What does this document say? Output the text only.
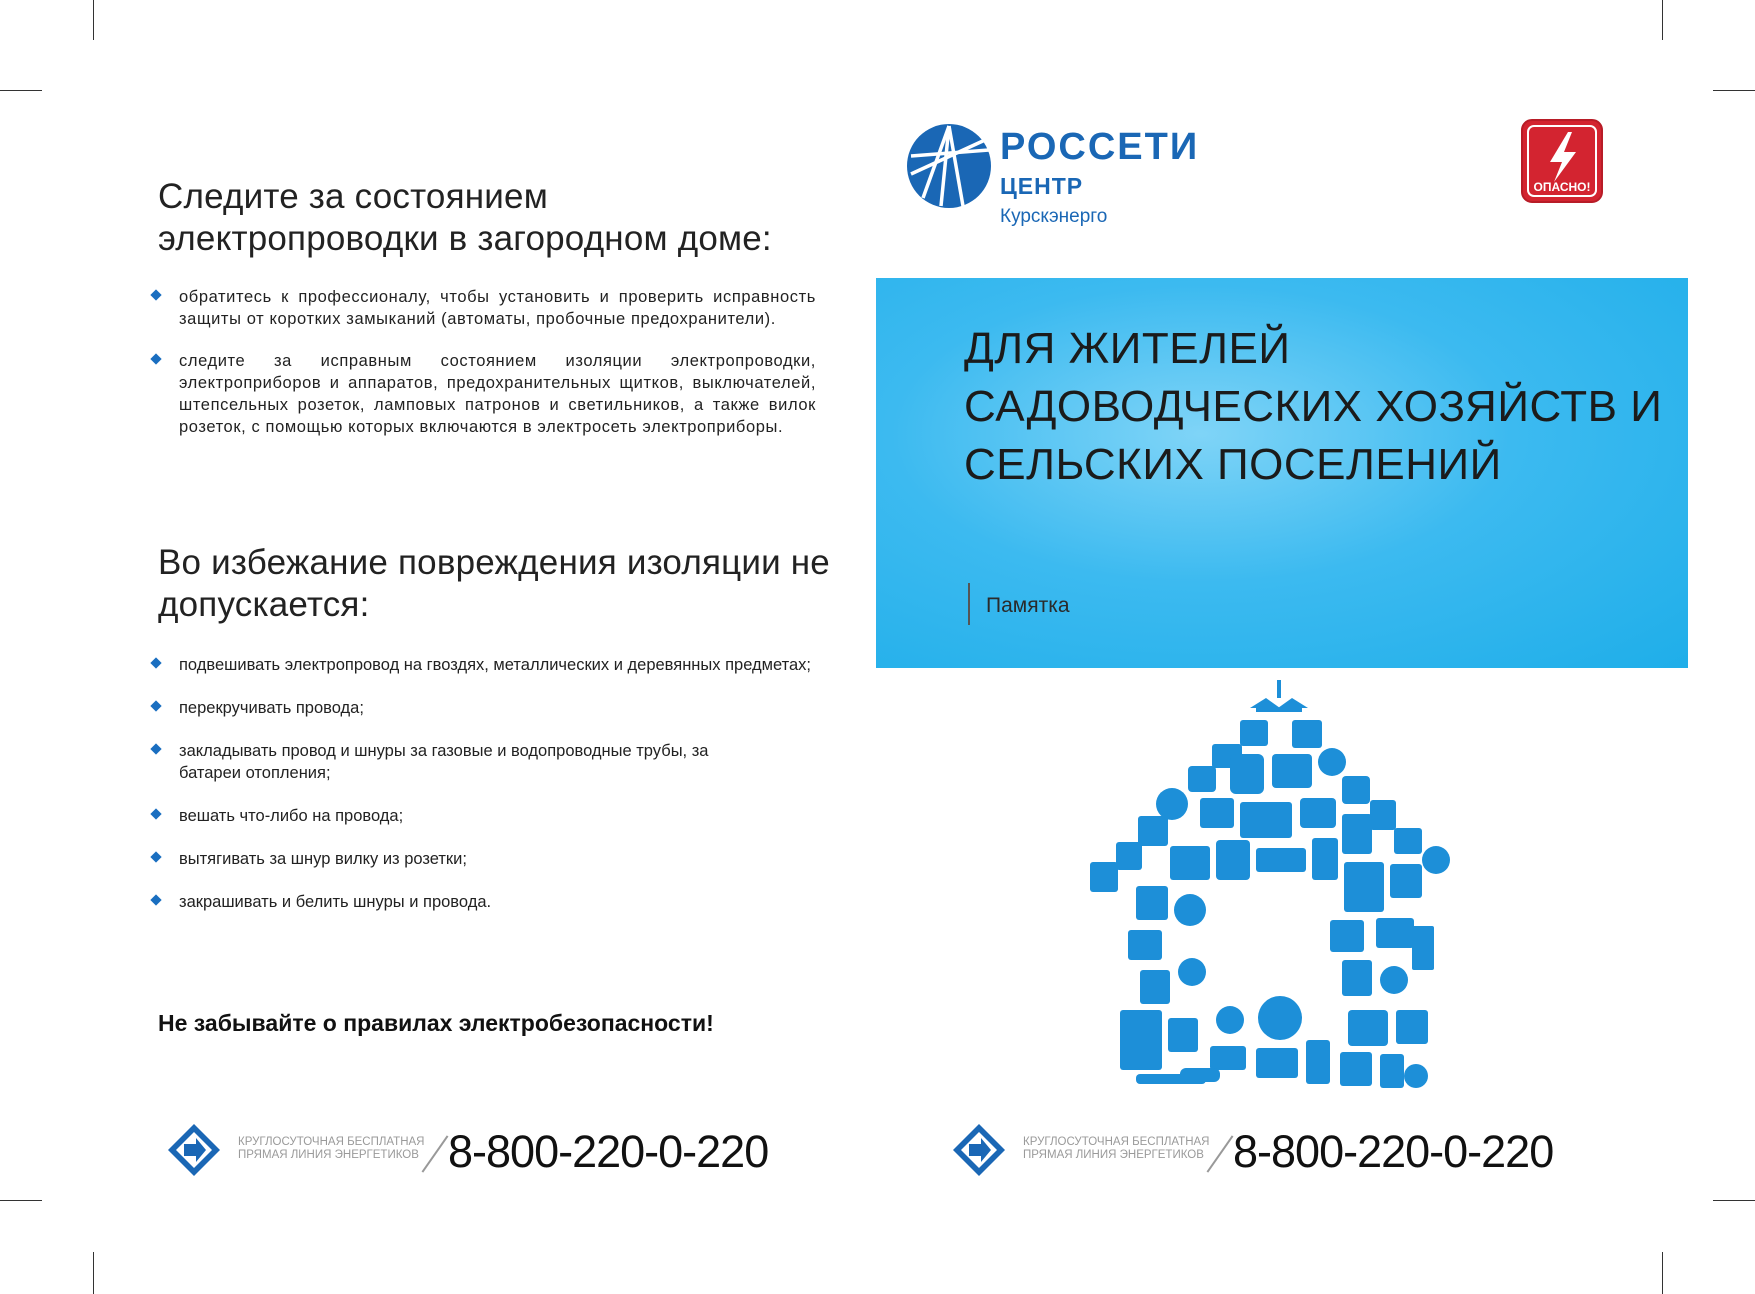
Следите за состоянием электропроводки в загородном доме:
обратитесь к профессионалу, чтобы установить и проверить исправность защиты от коротких замыканий (автоматы, пробочные предохранители).
следите за исправным состоянием изоляции электропроводки, электроприборов и аппаратов, предохранительных щитков, выключателей, штепсельных розеток, ламповых патронов и светильников, а также вилок розеток, с помощью которых включаются в электросеть электроприборы.
Во избежание повреждения изоляции не допускается:
подвешивать электропровод на гвоздях, металлических и деревянных предметах;
перекручивать провода;
закладывать провод и шнуры за газовые и водопроводные трубы, за батареи отопления;
вешать что-либо на провода;
вытягивать за шнур вилку из розетки;
закрашивать и белить шнуры и провода.
Не забывайте о правилах электробезопасности!
КРУГЛОСУТОЧНАЯ БЕСПЛАТНАЯ ПРЯМАЯ ЛИНИЯ ЭНЕРГЕТИКОВ 8-800-220-0-220
РОССЕТИ
ЦЕНТР
Курскэнерго
ОПАСНО!
ДЛЯ ЖИТЕЛЕЙ САДОВОДЧЕСКИХ ХОЗЯЙСТВ И СЕЛЬСКИХ ПОСЕЛЕНИЙ
Памятка
КРУГЛОСУТОЧНАЯ БЕСПЛАТНАЯ ПРЯМАЯ ЛИНИЯ ЭНЕРГЕТИКОВ 8-800-220-0-220
